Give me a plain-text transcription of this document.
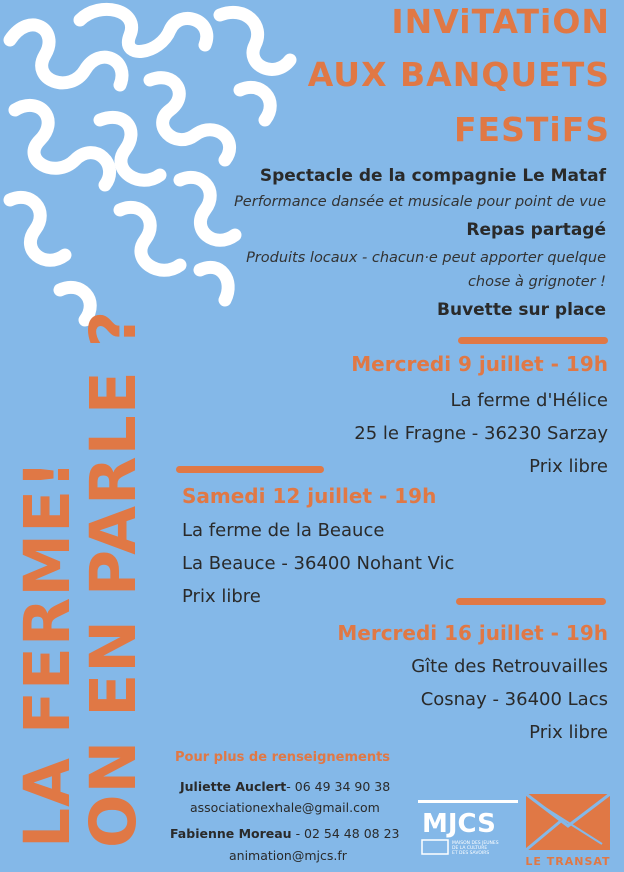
LA FERME!
ON EN PARLE ?
INViTATiON
AUX BANQUETS
FESTiFS
Spectacle de la compagnie Le Mataf
Performance dansée et musicale pour point de vue
Repas partagé
Produits locaux - chacun·e peut apporter quelque
chose à grignoter !
Buvette sur place
Mercredi 9 juillet - 19h
La ferme d'Hélice
25 le Fragne - 36230 Sarzay
Prix libre
Samedi 12 juillet - 19h
La ferme de la Beauce
La Beauce - 36400 Nohant Vic
Prix libre
Mercredi 16 juillet - 19h
Gîte des Retrouvailles
Cosnay - 36400 Lacs
Prix libre
Pour plus de renseignements
Juliette Auclert- 06 49 34 90 38
associationexhale@gmail.com
Fabienne Moreau - 02 54 48 08 23
animation@mjcs.fr
MJCS
MAISON DES JEUNES
DE LA CULTURE
ET DES SAVOIRS
LE TRANSAT
